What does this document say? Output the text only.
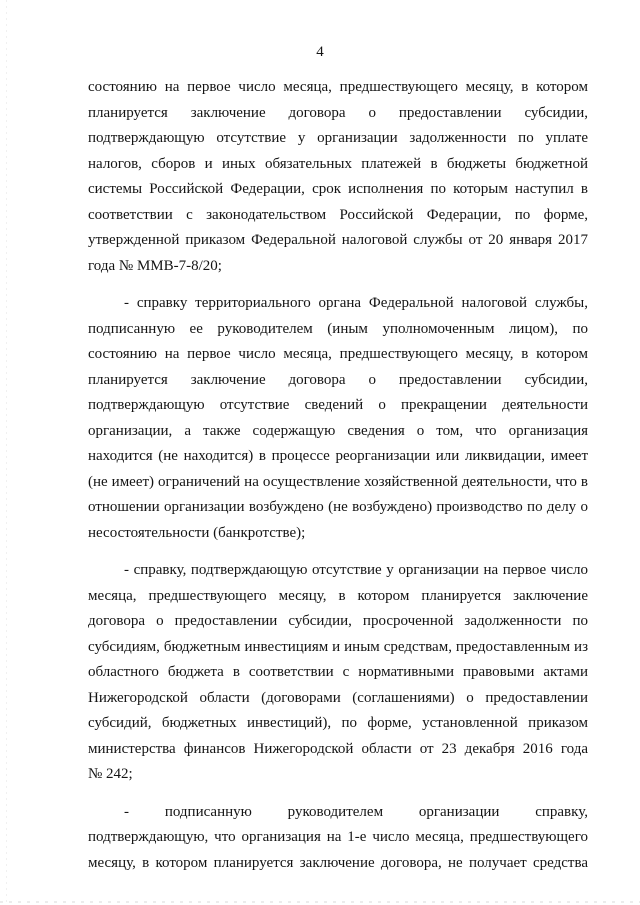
4
состоянию на первое число месяца, предшествующего месяцу, в котором
планируется заключение договора о предоставлении субсидии,
подтверждающую отсутствие у организации задолженности по уплате
налогов, сборов и иных обязательных платежей в бюджеты бюджетной
системы Российской Федерации, срок исполнения по которым наступил в
соответствии с законодательством Российской Федерации, по форме,
утвержденной приказом Федеральной налоговой службы от 20 января 2017
года № ММВ-7-8/20;
- справку территориального органа Федеральной налоговой службы,
подписанную ее руководителем (иным уполномоченным лицом), по
состоянию на первое число месяца, предшествующего месяцу, в котором
планируется заключение договора о предоставлении субсидии,
подтверждающую отсутствие сведений о прекращении деятельности
организации, а также содержащую сведения о том, что организация
находится (не находится) в процессе реорганизации или ликвидации, имеет
(не имеет) ограничений на осуществление хозяйственной деятельности, что в
отношении организации возбуждено (не возбуждено) производство по делу о
несостоятельности (банкротстве);
- справку, подтверждающую отсутствие у организации на первое число
месяца, предшествующего месяцу, в котором планируется заключение
договора о предоставлении субсидии, просроченной задолженности по
субсидиям, бюджетным инвестициям и иным средствам, предоставленным из
областного бюджета в соответствии с нормативными правовыми актами
Нижегородской области (договорами (соглашениями) о предоставлении
субсидий, бюджетных инвестиций), по форме, установленной приказом
министерства финансов Нижегородской области от 23 декабря 2016 года
№ 242;
- подписанную руководителем организации справку,
подтверждающую, что организация на 1-е число месяца, предшествующего
месяцу, в котором планируется заключение договора, не получает средства
